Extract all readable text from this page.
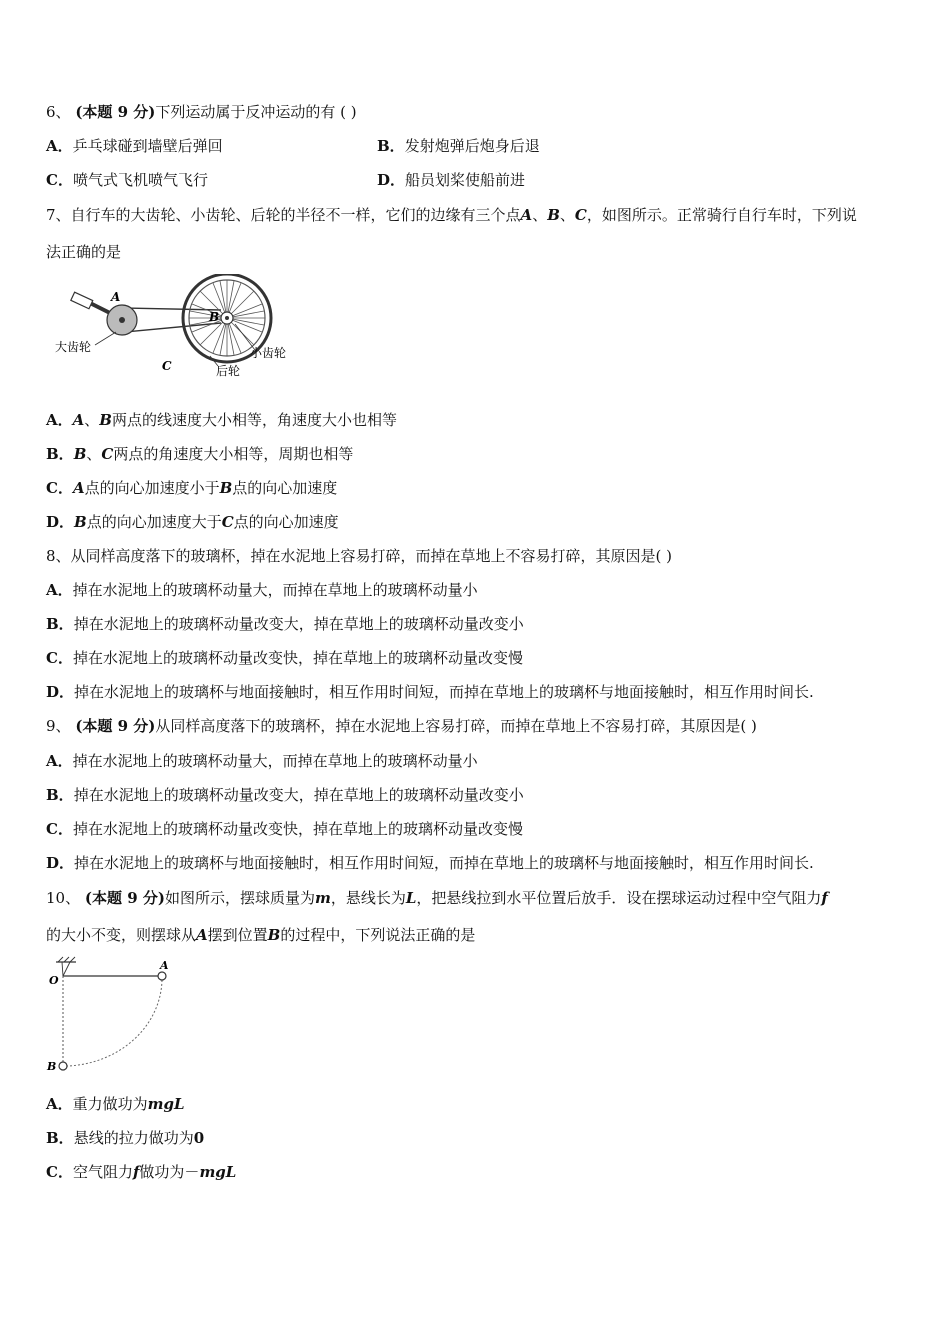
6、 (本题 9 分)下列运动属于反冲运动的有 ( )
A．乒乓球碰到墙壁后弹回	B．发射炮弹后炮身后退
C．喷气式飞机喷气飞行	D．船员划桨使船前进
7、自行车的大齿轮、小齿轮、后轮的半径不一样，它们的边缘有三个点A、B、C，如图所示。正常骑行自行车时，下列说
法正确的是
A
B
C
大齿轮	小齿轮
后轮
A．A、B两点的线速度大小相等，角速度大小也相等
B．B、C两点的角速度大小相等，周期也相等
C．A点的向心加速度小于B点的向心加速度
D．B点的向心加速度大于C点的向心加速度
8、从同样高度落下的玻璃杯，掉在水泥地上容易打碎，而掉在草地上不容易打碎，其原因是( )
A．掉在水泥地上的玻璃杯动量大，而掉在草地上的玻璃杯动量小
B．掉在水泥地上的玻璃杯动量改变大，掉在草地上的玻璃杯动量改变小
C．掉在水泥地上的玻璃杯动量改变快，掉在草地上的玻璃杯动量改变慢
D．掉在水泥地上的玻璃杯与地面接触时，相互作用时间短，而掉在草地上的玻璃杯与地面接触时，相互作用时间长.
9、 (本题 9 分)从同样高度落下的玻璃杯，掉在水泥地上容易打碎，而掉在草地上不容易打碎，其原因是( )
A．掉在水泥地上的玻璃杯动量大，而掉在草地上的玻璃杯动量小
B．掉在水泥地上的玻璃杯动量改变大，掉在草地上的玻璃杯动量改变小
C．掉在水泥地上的玻璃杯动量改变快，掉在草地上的玻璃杯动量改变慢
D．掉在水泥地上的玻璃杯与地面接触时，相互作用时间短，而掉在草地上的玻璃杯与地面接触时，相互作用时间长.
10、 (本题 9 分)如图所示，摆球质量为m，悬线长为L，把悬线拉到水平位置后放手．设在摆球运动过程中空气阻力f
的大小不变，则摆球从A摆到位置B的过程中，下列说法正确的是
O
A
B
A．重力做功为mgL
B．悬线的拉力做功为0
C．空气阻力f做功为－mgL
